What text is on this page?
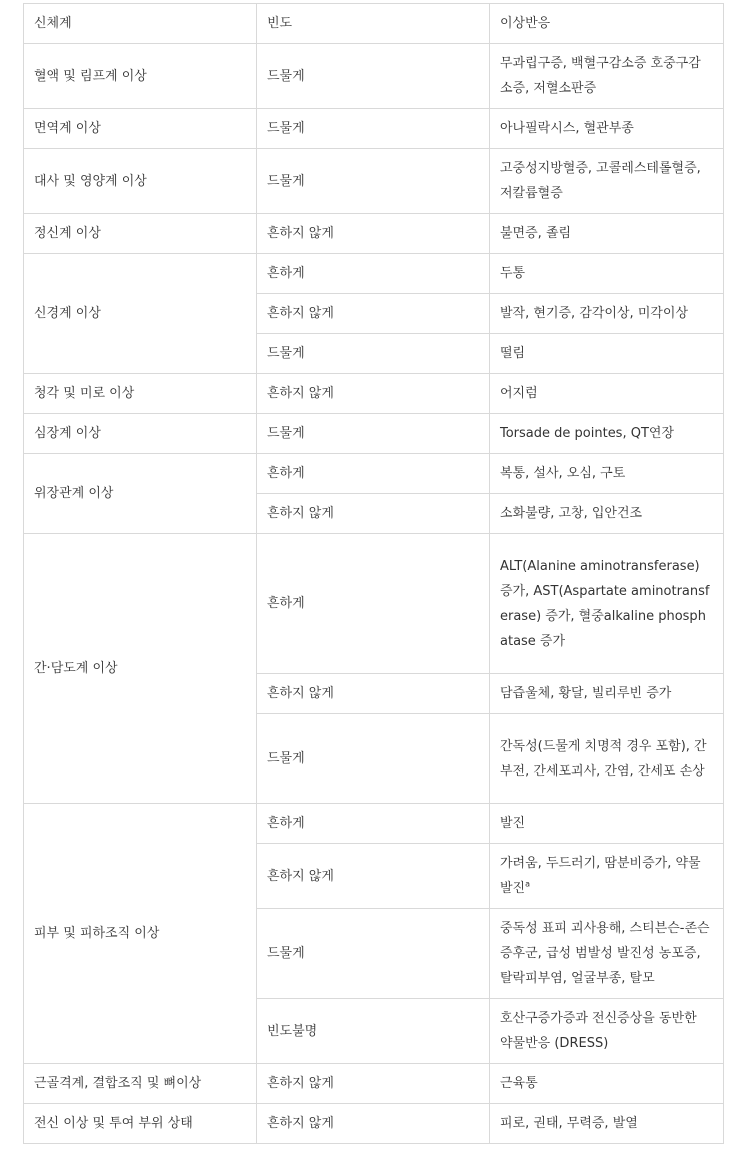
신체계	빈도	이상반응
혈액 및 림프계 이상	드물게	무과립구증, 백혈구감소증 호중구감소증, 저혈소판증
면역계 이상	드물게	아나필락시스, 혈관부종
대사 및 영양계 이상	드물게	고중성지방혈증, 고콜레스테롤혈증, 저칼륨혈증
정신계 이상	흔하지 않게	불면증, 졸림
신경계 이상	흔하게	두통
	흔하지 않게	발작, 현기증, 감각이상, 미각이상
	드물게	떨림
청각 및 미로 이상	흔하지 않게	어지럼
심장계 이상	드물게	Torsade de pointes, QT연장
위장관계 이상	흔하게	복통, 설사, 오심, 구토
	흔하지 않게	소화불량, 고창, 입안건조
간·담도계 이상	흔하게	ALT(Alanine aminotransferase) 증가, AST(Aspartate aminotransferase) 증가, 혈중alkaline phosphatase 증가
	흔하지 않게	담즙울체, 황달, 빌리루빈 증가
	드물게	간독성(드물게 치명적 경우 포함), 간부전, 간세포괴사, 간염, 간세포 손상
피부 및 피하조직 이상	흔하게	발진
	흔하지 않게	가려움, 두드러기, 땀분비증가, 약물발진$^a$
	드물게	중독성 표피 괴사용해, 스티븐슨-존슨 증후군, 급성 범발성 발진성 농포증, 탈락피부염, 얼굴부종, 탈모
	빈도불명	호산구증가증과 전신증상을 동반한 약물반응 (DRESS)
근골격계, 결합조직 및 뼈이상	흔하지 않게	근육통
전신 이상 및 투여 부위 상태	흔하지 않게	피로, 권태, 무력증, 발열
